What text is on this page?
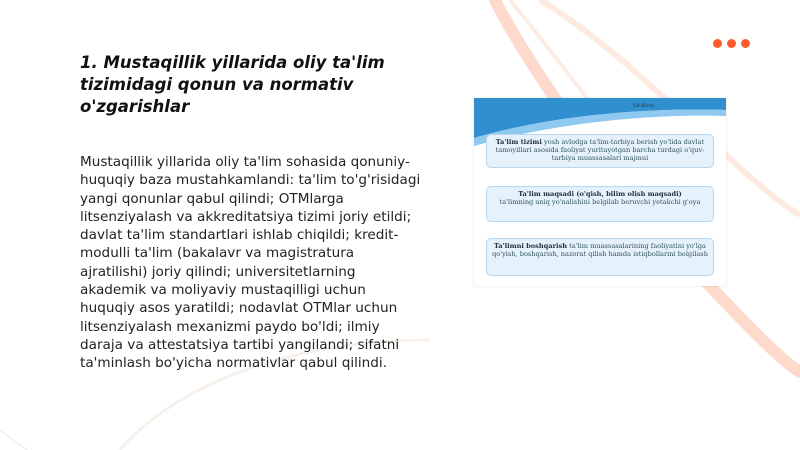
1. Mustaqillik yillarida oliy ta'lim tizimidagi qonun va normativ o'zgarishlar
Mustaqillik yillarida oliy ta'lim sohasida qonuniy-huquqiy baza mustahkamlandi: ta'lim to'g'risidagi yangi qonunlar qabul qilindi; OTMlarga litsenziyalash va akkreditatsiya tizimi joriy etildi; davlat ta'lim standartlari ishlab chiqildi; kredit-modulli ta'lim (bakalavr va magistratura ajratilishi) joriy qilindi; universitetlarning akademik va moliyaviy mustaqilligi uchun huquqiy asos yaratildi; nodavlat OTMlar uchun litsenziyalash mexanizmi paydo bo'ldi; ilmiy daraja va attestatsiya tartibi yangilandi; sifatni ta'minlash bo'yicha normativlar qabul qilindi.
SB-Bove
Ta'lim tizimi yosh avlodga ta'lim-tarbiya berish yo'lida davlat tamoyillari asosida faoliyat yuritayotgan barcha turdagi o'quv-tarbiya muassasalari majmui
Ta'lim maqsadi (o'qish, bilim olish maqsadi)
ta'limning aniq yo'nalishini belgilab beruvchi yetakchi g'oya
Ta'limni boshqarish ta'lim muassasalarining faoliyatini yo'lga qo'yish, boshqarish, nazorat qilish hamda istiqbollarini belgilash
